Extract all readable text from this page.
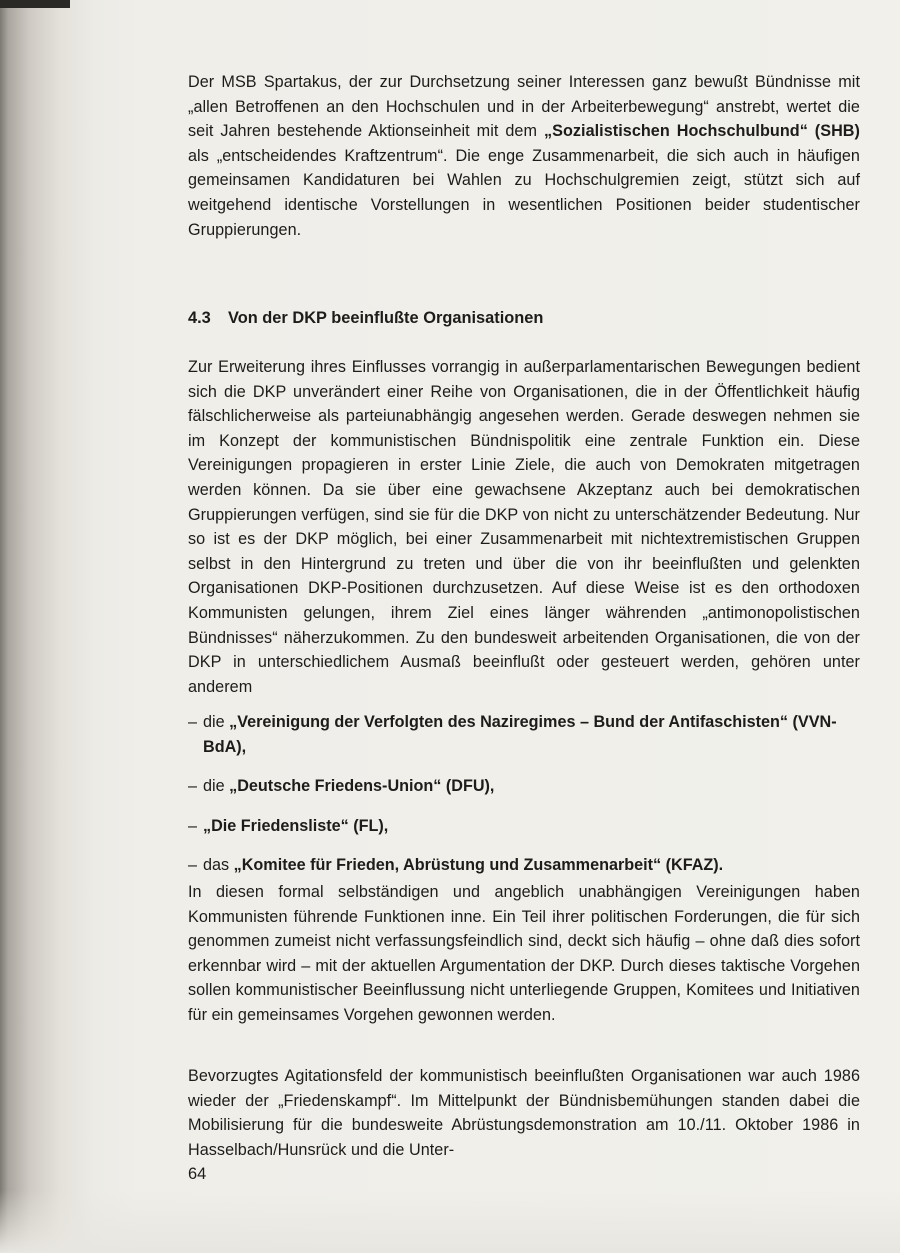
Der MSB Spartakus, der zur Durchsetzung seiner Interessen ganz bewußt Bündnisse mit „allen Betroffenen an den Hochschulen und in der Arbeiterbewegung“ anstrebt, wertet die seit Jahren bestehende Aktionseinheit mit dem „Sozialistischen Hochschulbund“ (SHB) als „entscheidendes Kraftzentrum“. Die enge Zusammenarbeit, die sich auch in häufigen gemeinsamen Kandidaturen bei Wahlen zu Hochschulgremien zeigt, stützt sich auf weitgehend identische Vorstellungen in wesentlichen Positionen beider studentischer Gruppierungen.

4.3 Von der DKP beeinflußte Organisationen

Zur Erweiterung ihres Einflusses vorrangig in außerparlamentarischen Bewegungen bedient sich die DKP unverändert einer Reihe von Organisationen, die in der Öffentlichkeit häufig fälschlicherweise als parteiunabhängig angesehen werden. Gerade deswegen nehmen sie im Konzept der kommunistischen Bündnispolitik eine zentrale Funktion ein. Diese Vereinigungen propagieren in erster Linie Ziele, die auch von Demokraten mitgetragen werden können. Da sie über eine gewachsene Akzeptanz auch bei demokratischen Gruppierungen verfügen, sind sie für die DKP von nicht zu unterschätzender Bedeutung. Nur so ist es der DKP möglich, bei einer Zusammenarbeit mit nichtextremistischen Gruppen selbst in den Hintergrund zu treten und über die von ihr beeinflußten und gelenkten Organisationen DKP-Positionen durchzusetzen. Auf diese Weise ist es den orthodoxen Kommunisten gelungen, ihrem Ziel eines länger währenden „antimonopolistischen Bündnisses“ näherzukommen. Zu den bundesweit arbeitenden Organisationen, die von der DKP in unterschiedlichem Ausmaß beeinflußt oder gesteuert werden, gehören unter anderem

– die „Vereinigung der Verfolgten des Naziregimes – Bund der Antifaschisten“ (VVN-BdA),
– die „Deutsche Friedens-Union“ (DFU),
– „Die Friedensliste“ (FL),
– das „Komitee für Frieden, Abrüstung und Zusammenarbeit“ (KFAZ).

In diesen formal selbständigen und angeblich unabhängigen Vereinigungen haben Kommunisten führende Funktionen inne. Ein Teil ihrer politischen Forderungen, die für sich genommen zumeist nicht verfassungsfeindlich sind, deckt sich häufig – ohne daß dies sofort erkennbar wird – mit der aktuellen Argumentation der DKP. Durch dieses taktische Vorgehen sollen kommunistischer Beeinflussung nicht unterliegende Gruppen, Komitees und Initiativen für ein gemeinsames Vorgehen gewonnen werden.

Bevorzugtes Agitationsfeld der kommunistisch beeinflußten Organisationen war auch 1986 wieder der „Friedenskampf“. Im Mittelpunkt der Bündnisbemühungen standen dabei die Mobilisierung für die bundesweite Abrüstungsdemonstration am 10./11. Oktober 1986 in Hasselbach/Hunsrück und die Unter-

64
